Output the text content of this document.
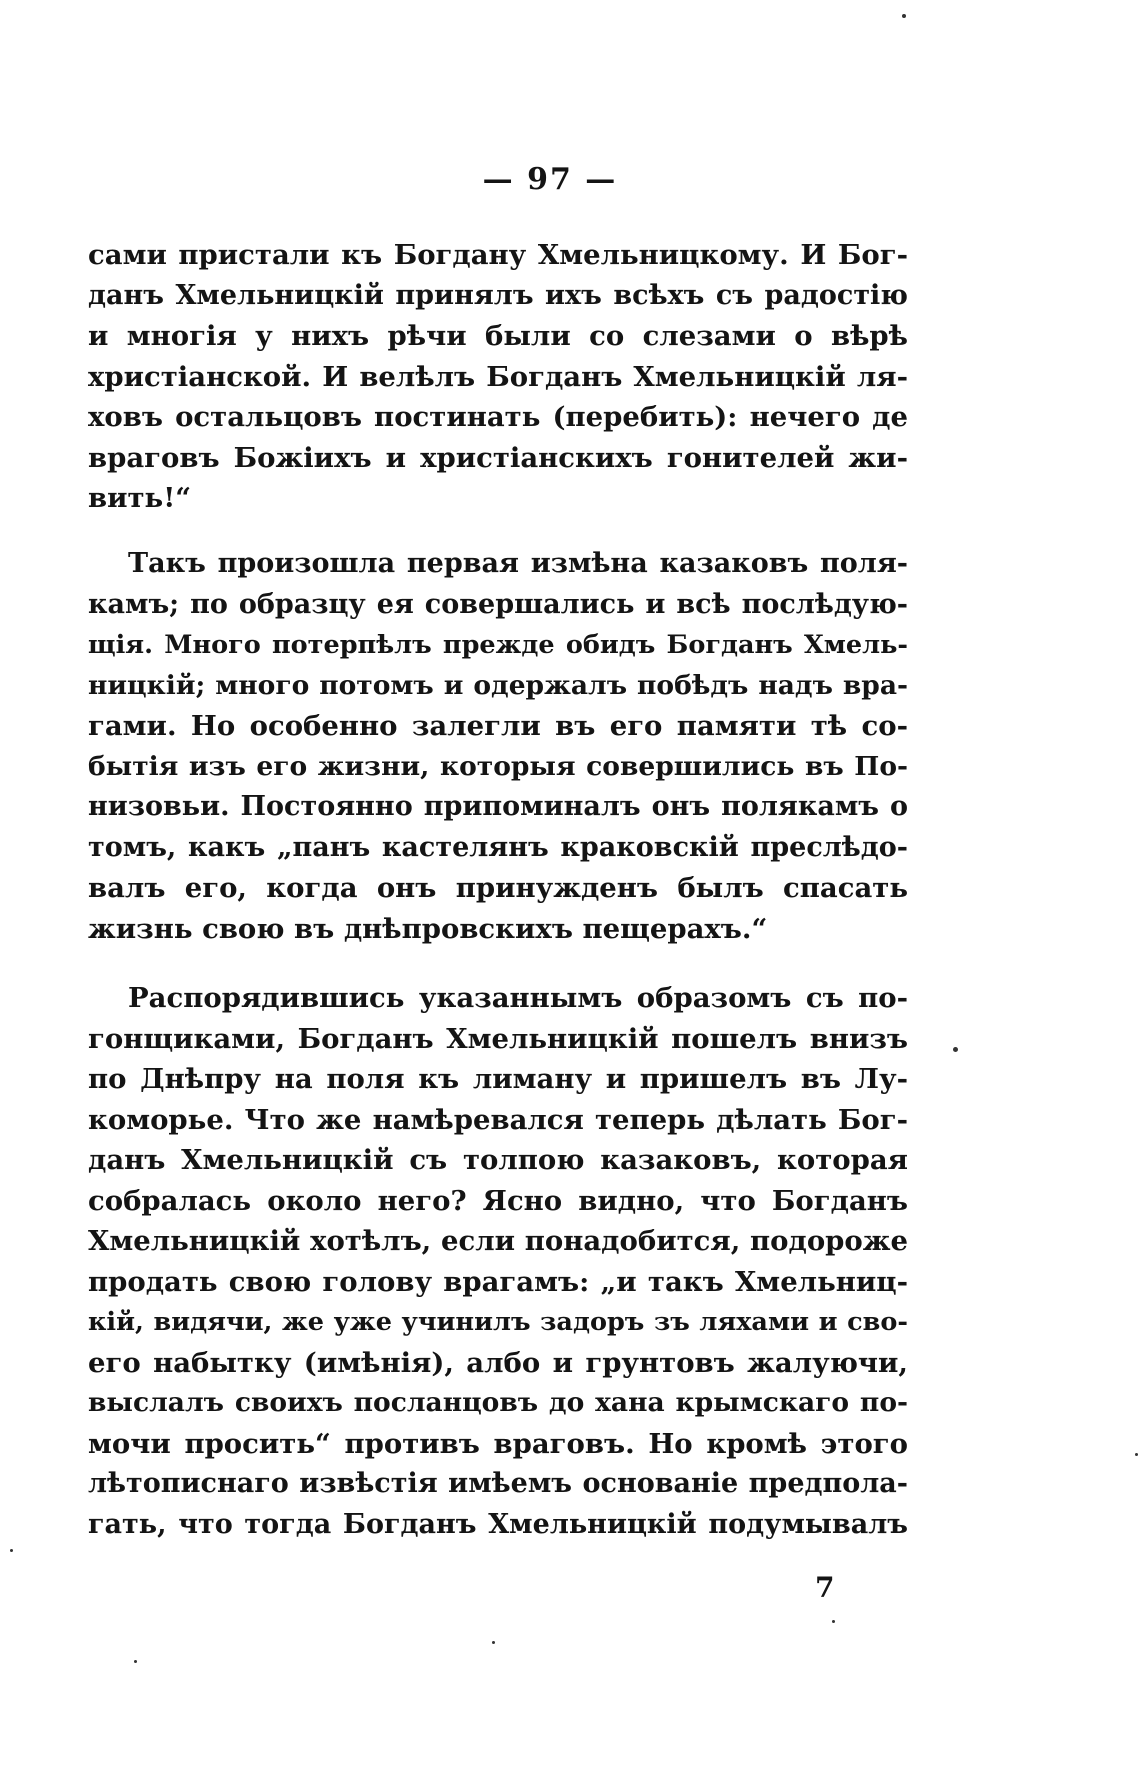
— 97 —
сами пристали къ Богдану Хмельницкому. И Бог-
данъ Хмельницкій принялъ ихъ всѣхъ съ радостію
и многія у нихъ рѣчи были со слезами о вѣрѣ
христіанской. И велѣлъ Богданъ Хмельницкій ля-
ховъ остальцовъ постинать (перебить): нечего де
враговъ Божіихъ и христіанскихъ гонителей жи-
вить!“
Такъ произошла первая измѣна казаковъ поля-
камъ; по образцу ея совершались и всѣ послѣдую-
щія. Много потерпѣлъ прежде обидъ Богданъ Хмель-
ницкій; много потомъ и одержалъ побѣдъ надъ вра-
гами. Но особенно залегли въ его памяти тѣ со-
бытія изъ его жизни, которыя совершились въ По-
низовьи. Постоянно припоминалъ онъ полякамъ о
томъ, какъ „панъ кастелянъ краковскій преслѣдо-
валъ его, когда онъ принужденъ былъ спасать
жизнь свою въ днѣпровскихъ пещерахъ.“
Распорядившись указаннымъ образомъ съ по-
гонщиками, Богданъ Хмельницкій пошелъ внизъ
по Днѣпру на поля къ лиману и пришелъ въ Лу-
коморье. Что же намѣревался теперь дѣлать Бог-
данъ Хмельницкій съ толпою казаковъ, которая
собралась около него? Ясно видно, что Богданъ
Хмельницкій хотѣлъ, если понадобится, подороже
продать свою голову врагамъ: „и такъ Хмельниц-
кій, видячи, же уже учинилъ задоръ зъ ляхами и сво-
его набытку (имѣнія), албо и грунтовъ жалуючи,
выслалъ своихъ посланцовъ до хана крымскаго по-
мочи просить“ противъ враговъ. Но кромѣ этого
лѣтописнаго извѣстія имѣемъ основаніе предпола-
гать, что тогда Богданъ Хмельницкій подумывалъ
7
